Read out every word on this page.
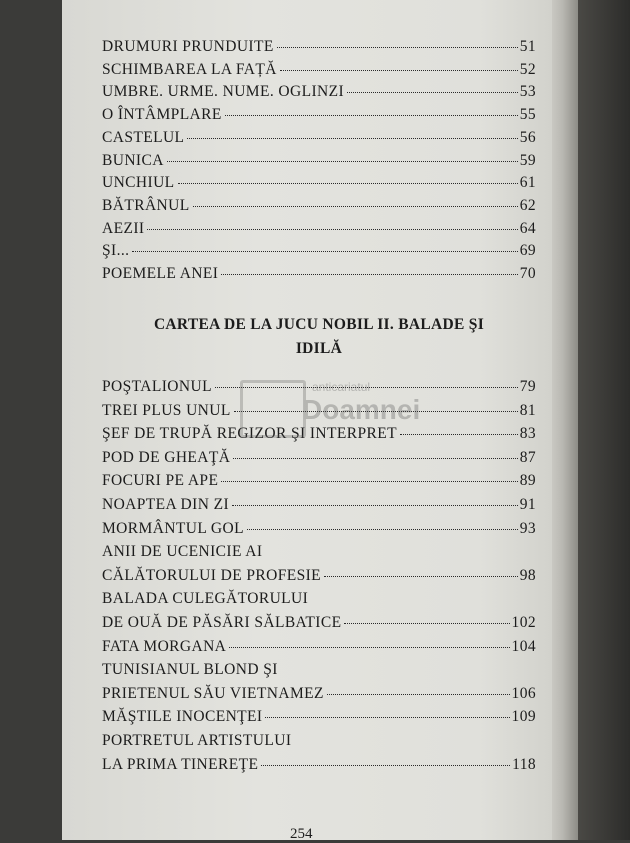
DRUMURI PRUNDUITE	51
SCHIMBAREA LA FAȚĂ	52
UMBRE. URME. NUME. OGLINZI	53
O ÎNTÂMPLARE	55
CASTELUL	56
BUNICA	59
UNCHIUL	61
BĂTRÂNUL	62
AEZII	64
ŞI...	69
POEMELE ANEI	70
CARTEA DE LA JUCU NOBIL II. BALADE ŞI
IDILĂ
POŞTALIONUL	79
TREI PLUS UNUL	81
ŞEF DE TRUPĂ REGIZOR ŞI INTERPRET	83
POD DE GHEAŢĂ	87
FOCURI PE APE	89
NOAPTEA DIN ZI	91
MORMÂNTUL GOL	93
ANII DE UCENICIE AI
CĂLĂTORULUI DE PROFESIE	98
BALADA CULEGĂTORULUI
DE OUĂ DE PĂSĂRI SĂLBATICE	102
FATA MORGANA	104
TUNISIANUL BLOND ŞI
PRIETENUL SĂU VIETNAMEZ	106
MĂŞTILE INOCENŢEI	109
PORTRETUL ARTISTULUI
LA PRIMA TINEREŢE	118
anticariatul
Doamnei
254
